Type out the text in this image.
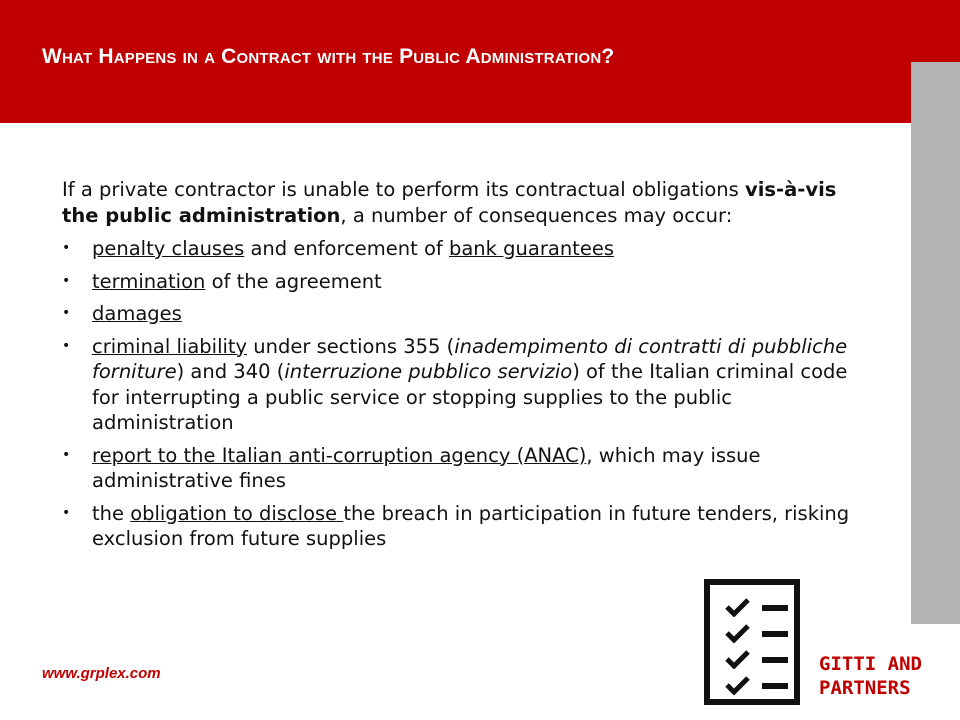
What Happens in a Contract with the Public Administration?

If a private contractor is unable to perform its contractual obligations vis-à-vis the public administration, a number of consequences may occur:

• penalty clauses and enforcement of bank guarantees
• termination of the agreement
• damages
• criminal liability under sections 355 (inadempimento di contratti di pubbliche forniture) and 340 (interruzione pubblico servizio) of the Italian criminal code for interrupting a public service or stopping supplies to the public administration
• report to the Italian anti-corruption agency (ANAC), which may issue administrative fines
• the obligation to disclose the breach in participation in future tenders, risking exclusion from future supplies
www.grplex.com	GITTI AND
PARTNERS
